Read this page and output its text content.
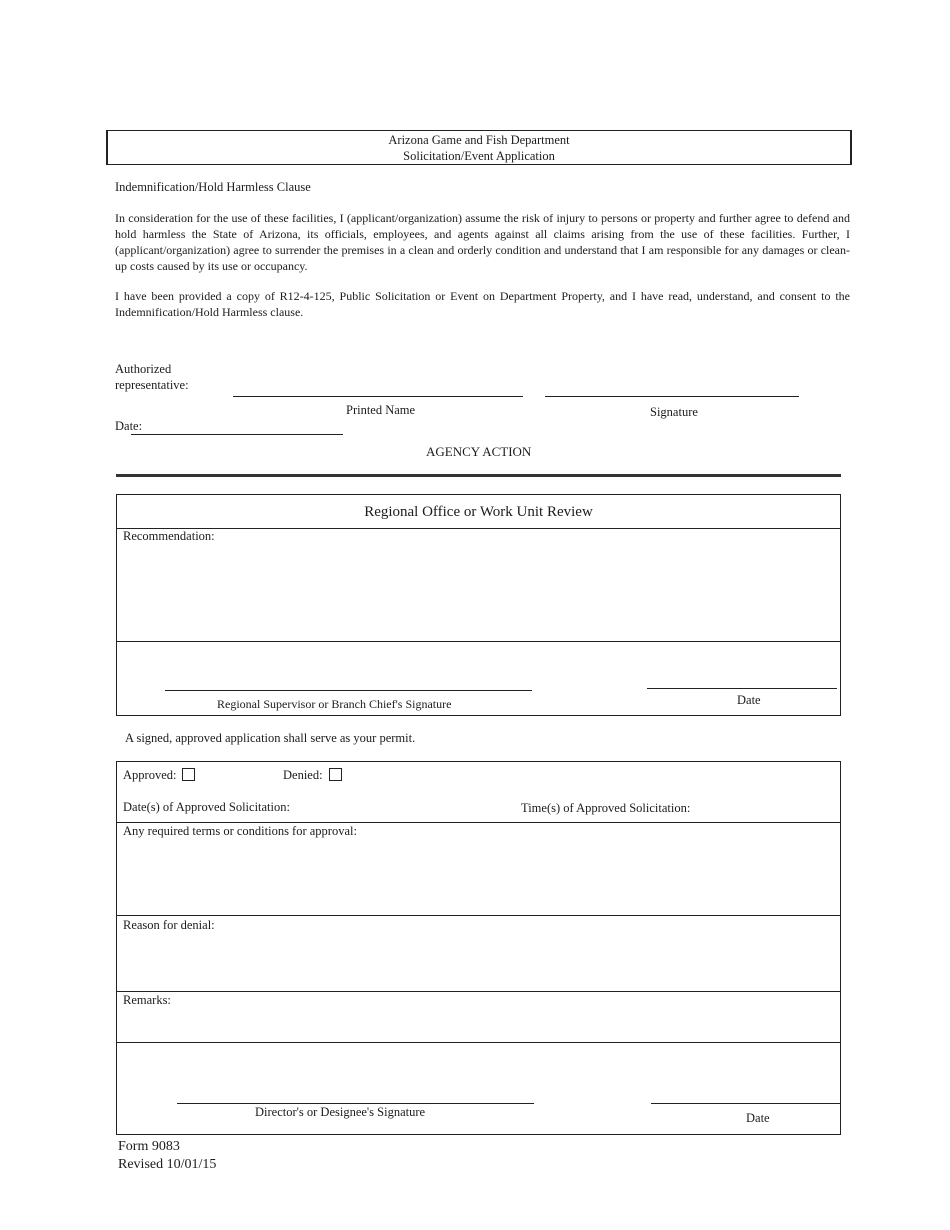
Arizona Game and Fish Department
Solicitation/Event Application
Indemnification/Hold Harmless Clause

In consideration for the use of these facilities, I (applicant/organization) assume the risk of injury to persons or property and further agree to defend and hold harmless the State of Arizona, its officials, employees, and agents against all claims arising from the use of these facilities. Further, I (applicant/organization) agree to surrender the premises in a clean and orderly condition and understand that I am responsible for any damages or clean-up costs caused by its use or occupancy.

I have been provided a copy of R12-4-125, Public Solicitation or Event on Department Property, and I have read, understand, and consent to the Indemnification/Hold Harmless clause.

Authorized
representative:
Printed Name	Signature
Date:
AGENCY ACTION
Regional Office or Work Unit Review
Recommendation:
Regional Supervisor or Branch Chief's Signature	Date
A signed, approved application shall serve as your permit.
Approved:	Denied:
Date(s) of Approved Solicitation:	Time(s) of Approved Solicitation:
Any required terms or conditions for approval:
Reason for denial:
Remarks:
Director's or Designee's Signature	Date
Form 9083
Revised 10/01/15
